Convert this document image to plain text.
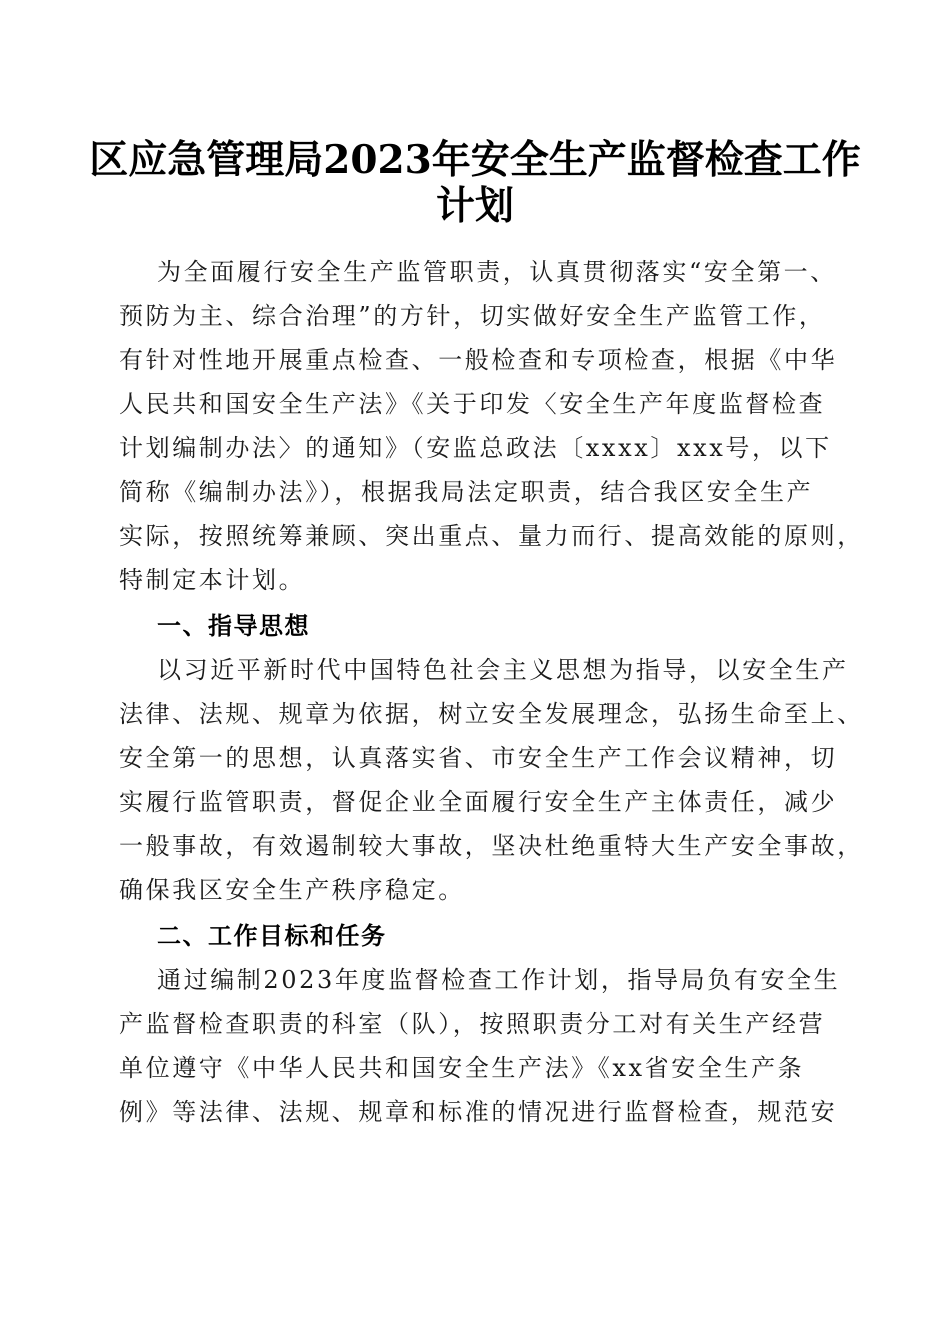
区应急管理局2023年安全生产监督检查工作
计划

为全面履行安全生产监管职责，认真贯彻落实“安全第一、

预防为主、综合治理”的方针，切实做好安全生产监管工作，

有针对性地开展重点检查、一般检查和专项检查，根据《中华

人民共和国安全生产法》《关于印发〈安全生产年度监督检查

计划编制办法〉的通知》（安监总政法〔xxxx〕xxx号，以下

简称《编制办法》），根据我局法定职责，结合我区安全生产

实际，按照统筹兼顾、突出重点、量力而行、提高效能的原则，

特制定本计划。

一、指导思想

以习近平新时代中国特色社会主义思想为指导，以安全生产

法律、法规、规章为依据，树立安全发展理念，弘扬生命至上、

安全第一的思想，认真落实省、市安全生产工作会议精神，切

实履行监管职责，督促企业全面履行安全生产主体责任，减少

一般事故，有效遏制较大事故，坚决杜绝重特大生产安全事故，

确保我区安全生产秩序稳定。

二、工作目标和任务

通过编制2023年度监督检查工作计划，指导局负有安全生

产监督检查职责的科室（队），按照职责分工对有关生产经营

单位遵守《中华人民共和国安全生产法》《xx省安全生产条

例》等法律、法规、规章和标准的情况进行监督检查，规范安
